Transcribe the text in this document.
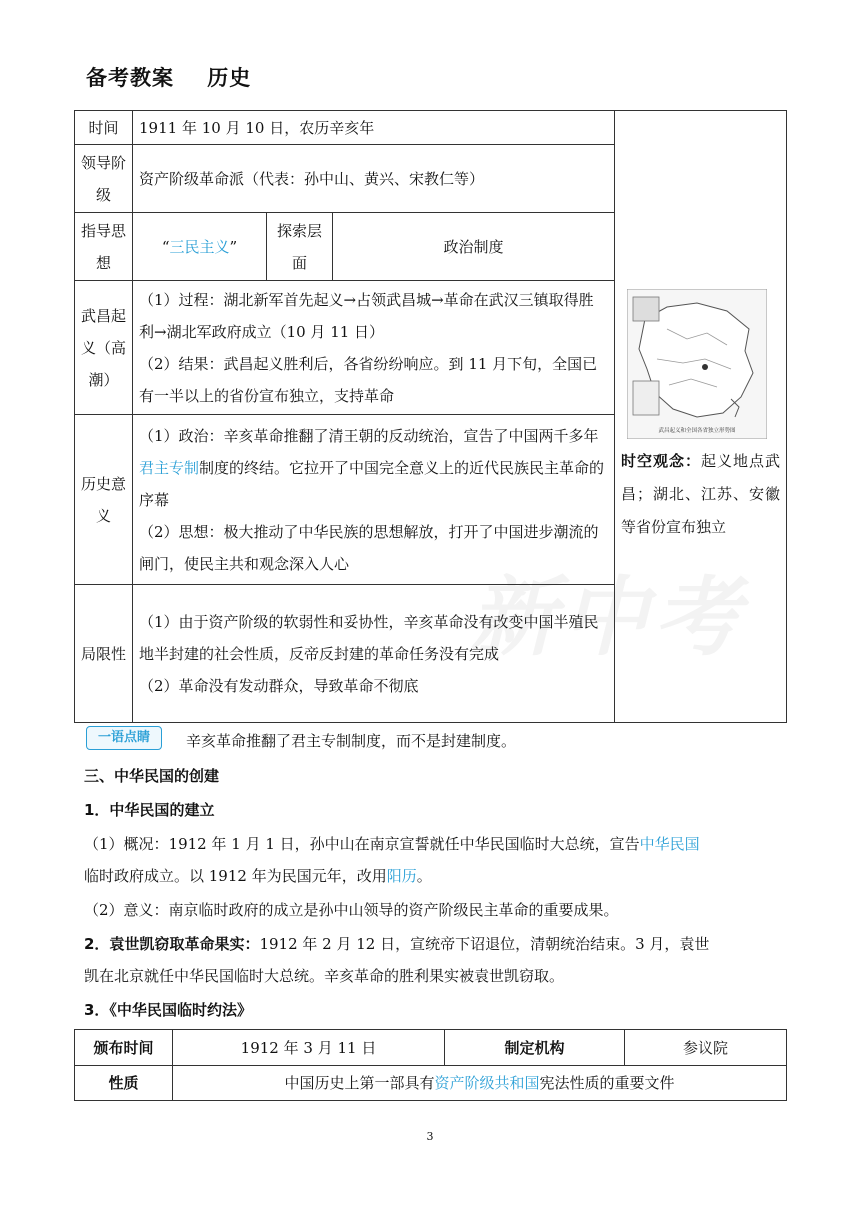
新中考
备考教案    历史
时间	1911 年 10 月 10 日，农历辛亥年			武昌起义和全国各省独立形势图
时空观念：起义地点武昌；湖北、江苏、安徽等省份宣布独立

领导阶级	资产阶级革命派（代表：孙中山、黄兴、宋教仁等）			
指导思想	“三民主义”	探索层面	政治制度	
武昌起义（高潮）	（1）过程：湖北新军首先起义→占领武昌城→革命在武汉三镇取得胜利→湖北军政府成立（10 月 11 日）
（2）结果：武昌起义胜利后，各省纷纷响应。到 11 月下旬，全国已有一半以上的省份宣布独立，支持革命			

历史意义	（1）政治：辛亥革命推翻了清王朝的反动统治，宣告了中国两千多年君主专制制度的终结。它拉开了中国完全意义上的近代民族民主革命的序幕
（2）思想：极大推动了中华民族的思想解放，打开了中国进步潮流的闸门，使民主共和观念深入人心			

局限性	（1）由于资产阶级的软弱性和妥协性，辛亥革命没有改变中国半殖民地半封建的社会性质，反帝反封建的革命任务没有完成
（2）革命没有发动群众，导致革命不彻底			
一语点睛	辛亥革命推翻了君主专制制度，而不是封建制度。
三、中华民国的创建
1．中华民国的建立
（1）概况：1912 年 1 月 1 日，孙中山在南京宣誓就任中华民国临时大总统，宣告中华民国
临时政府成立。以 1912 年为民国元年，改用阳历。
（2）意义：南京临时政府的成立是孙中山领导的资产阶级民主革命的重要成果。
2．袁世凯窃取革命果实：1912 年 2 月 12 日，宣统帝下诏退位，清朝统治结束。3 月，袁世
凯在北京就任中华民国临时大总统。辛亥革命的胜利果实被袁世凯窃取。
3．《中华民国临时约法》
颁布时间	1912 年 3 月 11 日	制定机构	参议院
性质	中国历史上第一部具有资产阶级共和国宪法性质的重要文件		
3
